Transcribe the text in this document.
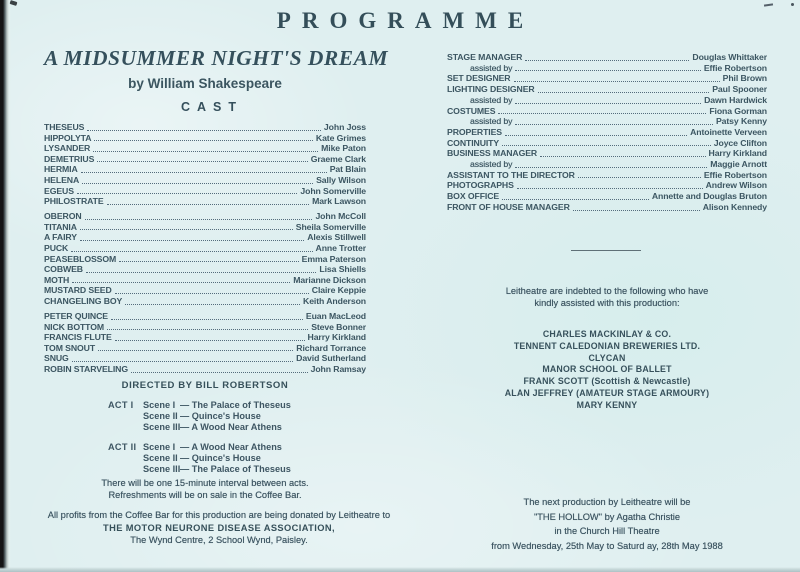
PROGRAMME
A MIDSUMMER NIGHT'S DREAM
by William Shakespeare
CAST
THESEUS	John Joss
HIPPOLYTA	Kate Grimes
LYSANDER	Mike Paton
DEMETRIUS	Graeme Clark
HERMIA	Pat Blain
HELENA	Sally Wilson
EGEUS	John Somerville
PHILOSTRATE	Mark Lawson
OBERON	John McColl
TITANIA	Sheila Somerville
A FAIRY	Alexis Stillwell
PUCK	Anne Trotter
PEASEBLOSSOM	Emma Paterson
COBWEB	Lisa Shiells
MOTH	Marianne Dickson
MUSTARD SEED	Claire Keppie
CHANGELING BOY	Keith Anderson
PETER QUINCE	Euan MacLeod
NICK BOTTOM	Steve Bonner
FRANCIS FLUTE	Harry Kirkland
TOM SNOUT	Richard Torrance
SNUG	David Sutherland
ROBIN STARVELING	John Ramsay
DIRECTED BY BILL ROBERTSON
ACT I	Scene I — The Palace of Theseus
Scene II — Quince's House
Scene III — A Wood Near Athens
ACT II Scene I — A Wood Near Athens
Scene II — Quince's House
Scene III — The Palace of Theseus
There will be one 15-minute interval between acts.
Refreshments will be on sale in the Coffee Bar.
All profits from the Coffee Bar for this production are being donated by Leitheatre to
THE MOTOR NEURONE DISEASE ASSOCIATION,
The Wynd Centre, 2 School Wynd, Paisley.
STAGE MANAGER	Douglas Whittaker
assisted by	Effie Robertson
SET DESIGNER	Phil Brown
LIGHTING DESIGNER	Paul Spooner
assisted by	Dawn Hardwick
COSTUMES	Fiona Gorman
assisted by	Patsy Kenny
PROPERTIES	Antoinette Verveen
CONTINUITY	Joyce Clifton
BUSINESS MANAGER	Harry Kirkland
assisted by	Maggie Arnott
ASSISTANT TO THE DIRECTOR	Effie Robertson
PHOTOGRAPHS	Andrew Wilson
BOX OFFICE	Annette and Douglas Bruton
FRONT OF HOUSE MANAGER	Alison Kennedy
Leitheatre are indebted to the following who have
kindly assisted with this production:
CHARLES MACKINLAY & CO.
TENNENT CALEDONIAN BREWERIES LTD.
CLYCAN
MANOR SCHOOL OF BALLET
FRANK SCOTT (Scottish & Newcastle)
ALAN JEFFREY (AMATEUR STAGE ARMOURY)
MARY KENNY
The next production by Leitheatre will be
"THE HOLLOW" by Agatha Christie
in the Church Hill Theatre
from Wednesday, 25th May to Saturd ay, 28th May 1988
